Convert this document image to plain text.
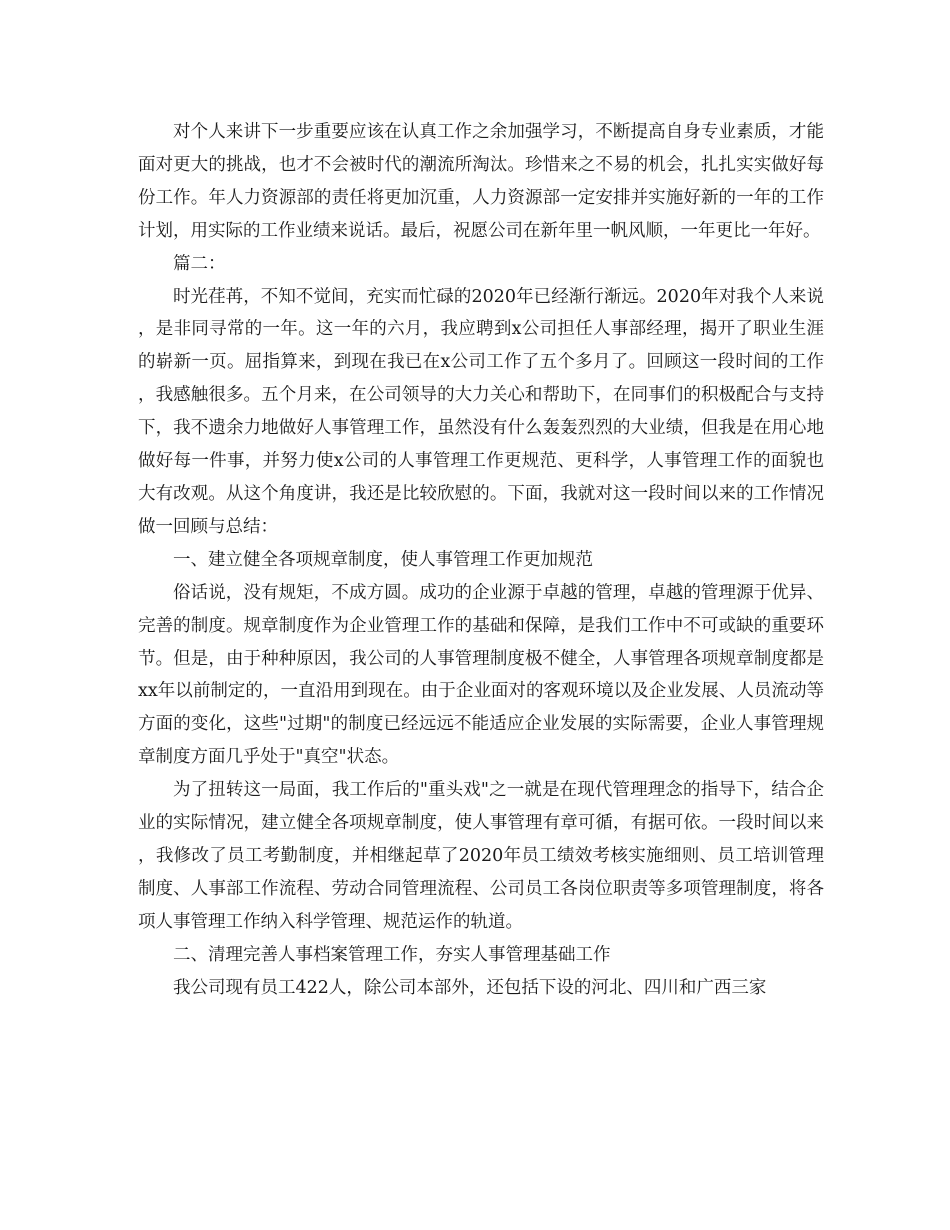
对个人来讲下一步重要应该在认真工作之余加强学习，不断提高自身专业素质，才能面对更大的挑战，也才不会被时代的潮流所淘汰。珍惜来之不易的机会，扎扎实实做好每份工作。年人力资源部的责任将更加沉重，人力资源部一定安排并实施好新的一年的工作计划，用实际的工作业绩来说话。最后，祝愿公司在新年里一帆风顺，一年更比一年好。

篇二：

时光荏苒，不知不觉间，充实而忙碌的2020年已经渐行渐远。2020年对我个人来说，是非同寻常的一年。这一年的六月，我应聘到x公司担任人事部经理，揭开了职业生涯的崭新一页。屈指算来，到现在我已在x公司工作了五个多月了。回顾这一段时间的工作，我感触很多。五个月来，在公司领导的大力关心和帮助下，在同事们的积极配合与支持下，我不遗余力地做好人事管理工作，虽然没有什么轰轰烈烈的大业绩，但我是在用心地做好每一件事，并努力使x公司的人事管理工作更规范、更科学，人事管理工作的面貌也大有改观。从这个角度讲，我还是比较欣慰的。下面，我就对这一段时间以来的工作情况做一回顾与总结：

一、建立健全各项规章制度，使人事管理工作更加规范

俗话说，没有规矩，不成方圆。成功的企业源于卓越的管理，卓越的管理源于优异、完善的制度。规章制度作为企业管理工作的基础和保障，是我们工作中不可或缺的重要环节。但是，由于种种原因，我公司的人事管理制度极不健全，人事管理各项规章制度都是xx年以前制定的，一直沿用到现在。由于企业面对的客观环境以及企业发展、人员流动等方面的变化，这些"过期"的制度已经远远不能适应企业发展的实际需要，企业人事管理规章制度方面几乎处于"真空"状态。

为了扭转这一局面，我工作后的"重头戏"之一就是在现代管理理念的指导下，结合企业的实际情况，建立健全各项规章制度，使人事管理有章可循，有据可依。一段时间以来，我修改了员工考勤制度，并相继起草了2020年员工绩效考核实施细则、员工培训管理制度、人事部工作流程、劳动合同管理流程、公司员工各岗位职责等多项管理制度，将各项人事管理工作纳入科学管理、规范运作的轨道。

二、清理完善人事档案管理工作，夯实人事管理基础工作

我公司现有员工422人，除公司本部外，还包括下设的河北、四川和广西三家
